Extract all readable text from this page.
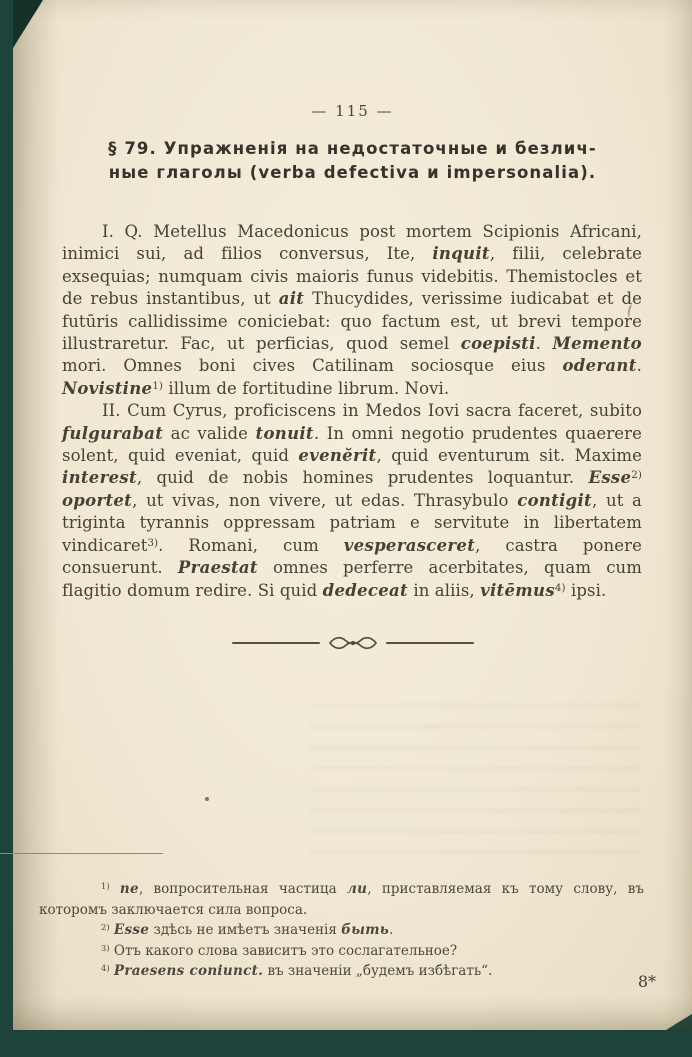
— 115 —
§ 79. Упражненія на недостаточные и безлич-
ные глаголы (verba defectiva и impersonalia).

I. Q. Metellus Macedonicus post mortem Scipionis Africani, inimici sui, ad filios conversus, Ite, inquit, filii, celebrate exsequias; numquam civis maioris funus videbitis. Themistocles et de rebus instantibus, ut ait Thucydides, verissime iudicabat et de futūris callidissime coniciebat: quo factum est, ut brevi tempore illustraretur. Fac, ut perficias, quod semel coepisti. Memento mori. Omnes boni cives Catilinam sociosque eius oderant. Novistine$^{1)}$ illum de fortitudine librum. Novi.

II. Cum Cyrus, proficiscens in Medos Iovi sacra faceret, subito fulgurabat ac valide tonuit. In omni negotio prudentes quaerere solent, quid eveniat, quid evenĕrit, quid eventurum sit. Maxime interest, quid de nobis homines prudentes loquantur. Esse$^{2)}$ oportet, ut vivas, non vivere, ut edas. Thrasybulo contigit, ut a triginta tyrannis oppressam patriam e servitute in libertatem vindicaret$^{3)}$. Romani, cum vesperasceret, castra ponere consuerunt. Praestat omnes perferre acerbitates, quam cum flagitio domum redire. Si quid dedeceat in aliis, vitēmus$^{4)}$ ipsi.

$^{1)}$ ne, вопросительная частица ли, приставляемая къ тому слову, въ которомъ заключается сила вопроса.

$^{2)}$ Esse здѣсь не имѣетъ значенія быть.

$^{3)}$ Отъ какого слова зависитъ это сослагательное?

$^{4)}$ Praesens coniunct. въ значеніи „будемъ избѣгать“.

8*
